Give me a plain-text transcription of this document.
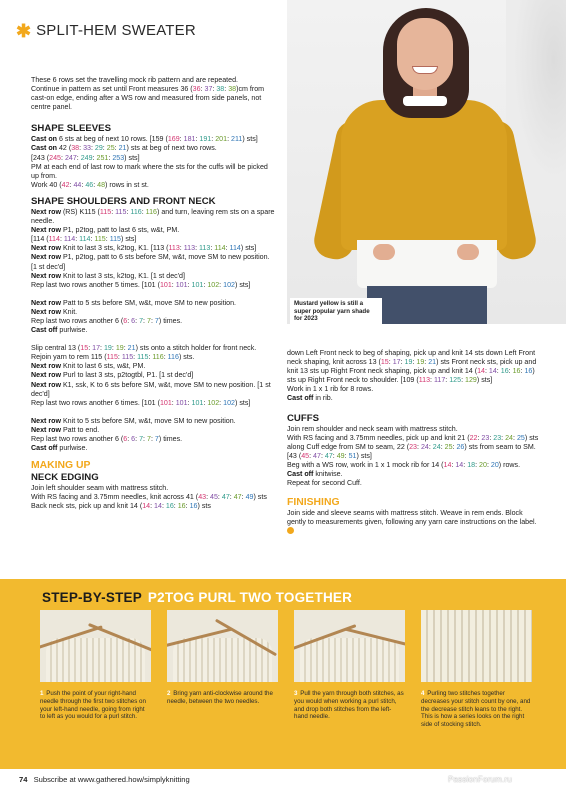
✱ SPLIT-HEM SWEATER

These 6 rows set the travelling mock rib pattern and are repeated.

Continue in pattern as set until Front measures 36 (36: 37: 38: 38)cm from cast-on edge, ending after a WS row and measured from side panels, not centre panel.

SHAPE SLEEVES

Cast on 6 sts at beg of next 10 rows. [159 (169: 181: 191: 201: 211) sts]

Cast on 42 (38: 33: 29: 25: 21) sts at beg of next two rows.

[243 (245: 247: 249: 251: 253) sts]

PM at each end of last row to mark where the sts for the cuffs will be picked up from.

Work 40 (42: 44: 46: 48) rows in st st.

SHAPE SHOULDERS AND FRONT NECK

Next row (RS) K115 (115: 115: 116: 116) and turn, leaving rem sts on a spare needle.

Next row P1, p2tog, patt to last 6 sts, w&t, PM.

[114 (114: 114: 114: 115: 115) sts]

Next row Knit to last 3 sts, k2tog, K1. [113 (113: 113: 113: 114: 114) sts]

Next row P1, p2tog, patt to 6 sts before SM, w&t, move SM to new position. [1 st dec'd]

Next row Knit to last 3 sts, k2tog, K1. [1 st dec'd]

Rep last two rows another 5 times. [101 (101: 101: 101: 102: 102) sts]

Next row Patt to 5 sts before SM, w&t, move SM to new position.

Next row Knit.

Rep last two rows another 6 (6: 6: 7: 7: 7) times.

Cast off purlwise.

Slip central 13 (15: 17: 19: 19: 21) sts onto a stitch holder for front neck.

Rejoin yarn to rem 115 (115: 115: 115: 116: 116) sts.

Next row Knit to last 6 sts, w&t, PM.

Next row Purl to last 3 sts, p2togtbl, P1. [1 st dec'd]

Next row K1, ssk, K to 6 sts before SM, w&t, move SM to new position. [1 st dec'd]

Rep last two rows another 6 times. [101 (101: 101: 101: 102: 102) sts]

Next row Knit to 5 sts before SM, w&t, move SM to new position.

Next row Patt to end.

Rep last two rows another 6 (6: 6: 7: 7: 7) times.

Cast off purlwise.

MAKING UP
NECK EDGING

Join left shoulder seam with mattress stitch.

With RS facing and 3.75mm needles, knit across 41 (43: 45: 47: 47: 49) sts Back neck sts, pick up and knit 14 (14: 14: 16: 16: 16) sts

Mustard yellow is still a super popular yarn shade for 2023

down Left Front neck to beg of shaping, pick up and knit 14 sts down Left Front neck shaping, knit across 13 (15: 17: 19: 19: 21) sts Front neck sts, pick up and knit 13 sts up Right Front neck shaping, pick up and knit 14 (14: 14: 16: 16: 16) sts up Right Front neck to shoulder. [109 (113: 117: 125: 129) sts]

Work in 1 x 1 rib for 8 rows.

Cast off in rib.

CUFFS

Join rem shoulder and neck seam with mattress stitch.

With RS facing and 3.75mm needles, pick up and knit 21 (22: 23: 23: 24: 25) sts along Cuff edge from SM to seam, 22 (23: 24: 24: 25: 26) sts from seam to SM. [43 (45: 47: 47: 49: 51) sts]

Beg with a WS row, work in 1 x 1 mock rib for 14 (14: 14: 18: 20: 20) rows.

Cast off knitwise.

Repeat for second Cuff.

FINISHING

Join side and sleeve seams with mattress stitch. Weave in rem ends. Block gently to measurements given, following any yarn care instructions on the label.

STEP-BY-STEP P2TOG PURL TWO TOGETHER
1 Push the point of your right-hand needle through the first two stitches on your left-hand needle, going from right to left as you would for a purl stitch.
2 Bring yarn anti-clockwise around the needle, between the two needles.
3 Pull the yarn through both stitches, as you would when working a purl stitch, and drop both stitches from the left-hand needle.
4 Purling two stitches together decreases your stitch count by one, and the decrease stitch leans to the right. This is how a series looks on the right side of stocking stitch.
74 Subscribe at www.gathered.how/simplyknitting	PassionForum.ru
